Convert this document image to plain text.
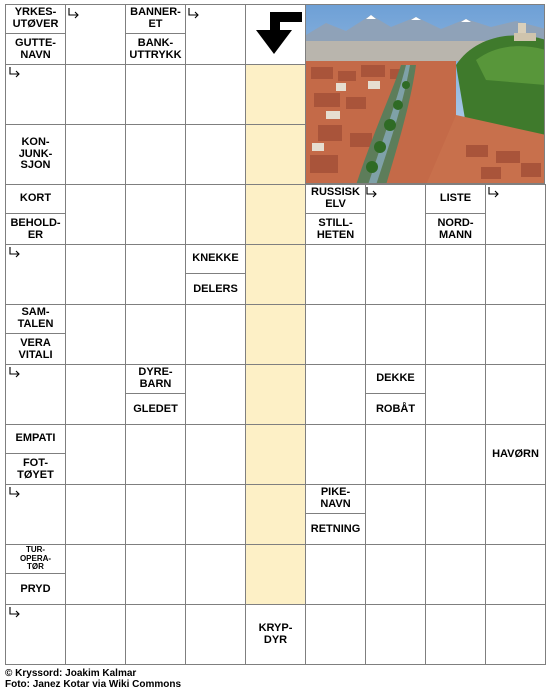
YRKES-
UTØVER
GUTTE-
NAVN
BANNER-
ET
BANK-
UTTRYKK
KON-
JUNK-
SJON
KORT
BEHOLD-
ER
RUSSISK
ELV
STILL-
HETEN
LISTE
NORD-
MANN
KNEKKE
DELERS
SAM-
TALEN
VERA
VITALI
DYRE-
BARN
GLEDET
DEKKE
ROBÅT
EMPATI
FOT-
TØYET
HAVØRN
PIKE-
NAVN
RETNING
TUR-
OPERA-
TØR
PRYD
KRYP-
DYR
© Kryssord: Joakim Kalmar
Foto: Janez Kotar via Wiki Commons
